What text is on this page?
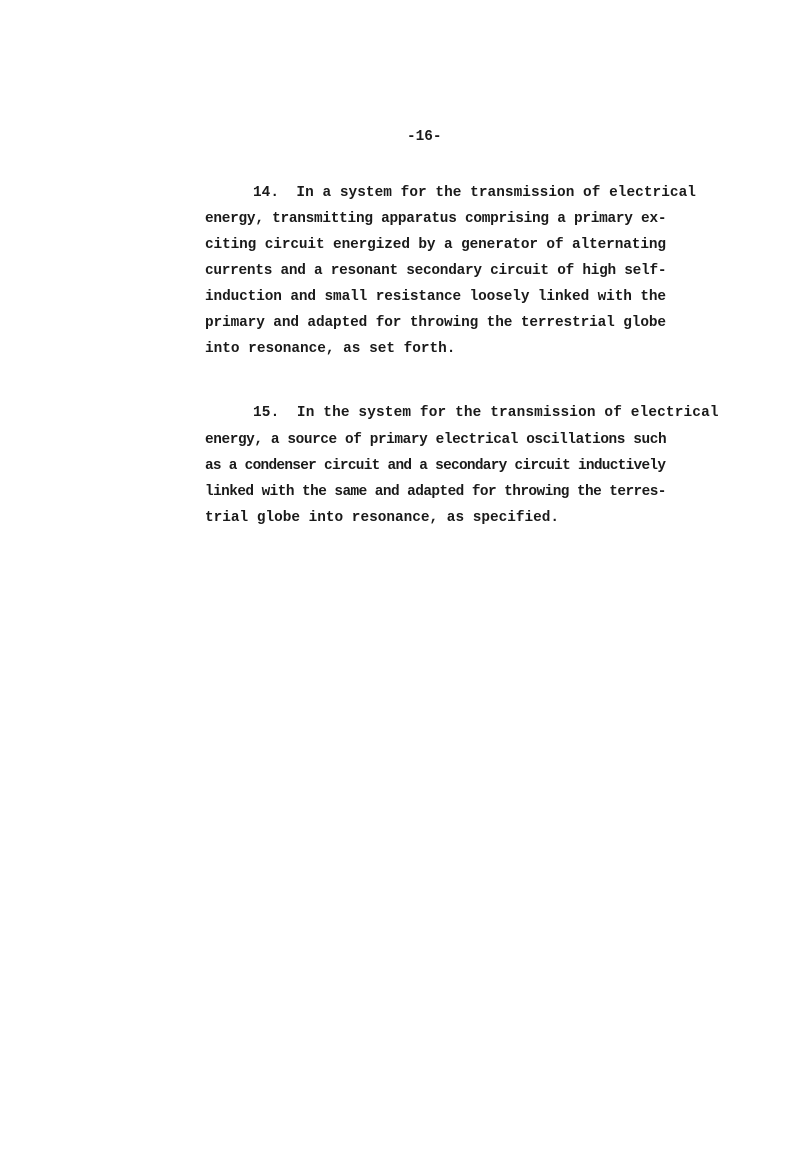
-16-
14.  In a system for the transmission of electrical
energy, transmitting apparatus comprising a primary ex-
citing circuit energized by a generator of alternating
currents and a resonant secondary circuit of high self-
induction and small resistance loosely linked with the
primary and adapted for throwing the terrestrial globe
into resonance, as set forth.
15.  In the system for the transmission of electrical
energy, a source of primary electrical oscillations such
as a condenser circuit and a secondary circuit inductively
linked with the same and adapted for throwing the terres-
trial globe into resonance, as specified.
